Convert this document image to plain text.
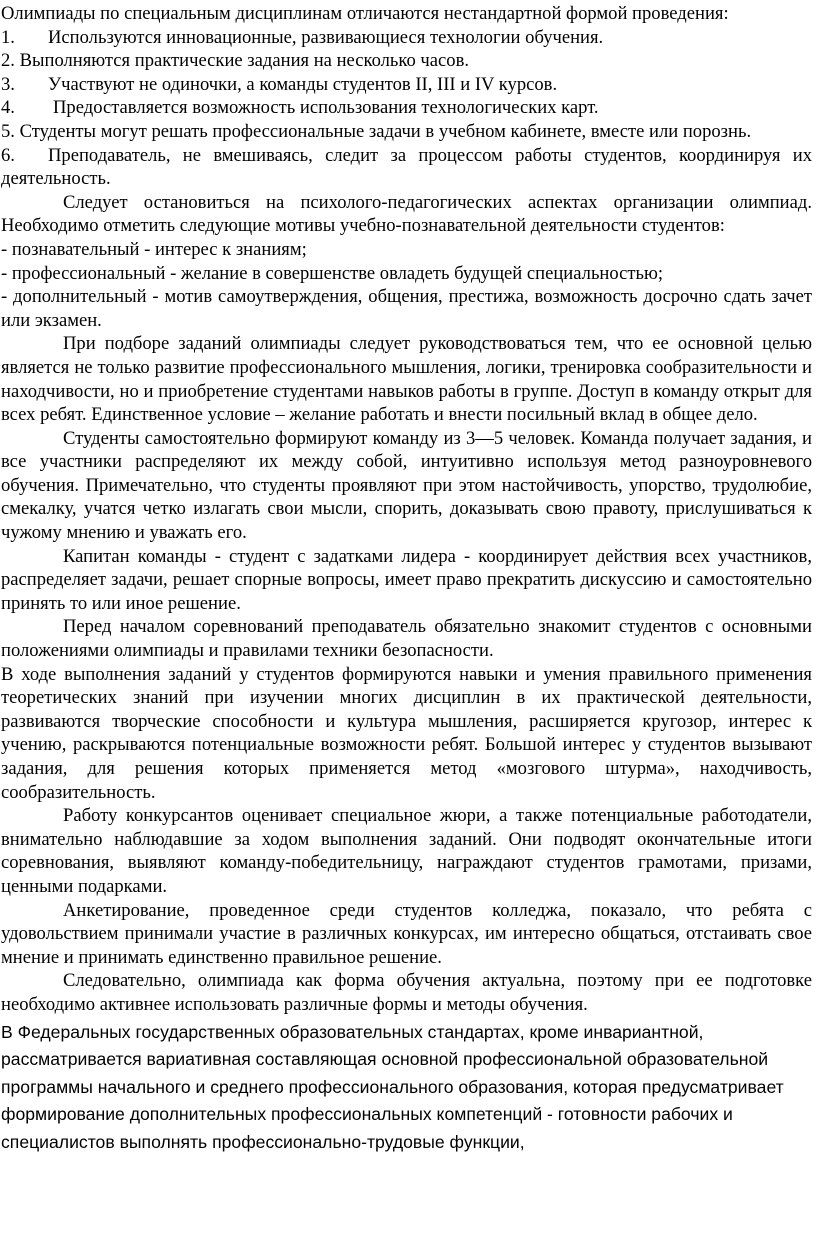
Олимпиады по специальным дисциплинам отличаются нестандартной формой проведения:

1. Используются инновационные, развивающиеся технологии обучения.

2. Выполняются практические задания на несколько часов.

3. Участвуют не одиночки, а команды студентов II, III и IV курсов.

4. Предоставляется возможность использования технологических карт.

5. Студенты могут решать профессиональные задачи в учебном кабинете, вместе или порознь.

6. Преподаватель, не вмешиваясь, следит за процессом работы студентов, координируя их деятельность.

Следует остановиться на психолого-педагогических аспектах организации олимпиад. Необходимо отметить следующие мотивы учебно-познавательной деятельности студентов:

- познавательный - интерес к знаниям;

- профессиональный - желание в совершенстве овладеть будущей специальностью;

- дополнительный - мотив самоутверждения, общения, престижа, возможность досрочно сдать зачет или экзамен.

При подборе заданий олимпиады следует руководствоваться тем, что ее основной целью является не только развитие профессионального мышления, логики, тренировка сообразительности и находчивости, но и приобретение студентами навыков работы в группе. Доступ в команду открыт для всех ребят. Единственное условие – желание работать и внести посильный вклад в общее дело.

Студенты самостоятельно формируют команду из 3—5 человек. Команда получает задания, и все участники распределяют их между собой, интуитивно используя метод разноуровневого обучения. Примечательно, что студенты проявляют при этом настойчивость, упорство, трудолюбие, смекалку, учатся четко излагать свои мысли, спорить, доказывать свою правоту, прислушиваться к чужому мнению и уважать его.

Капитан команды - студент с задатками лидера - координирует действия всех участников, распределяет задачи, решает спорные вопросы, имеет право прекратить дискуссию и самостоятельно принять то или иное решение.

Перед началом соревнований преподаватель обязательно знакомит студентов с основными положениями олимпиады и правилами техники безопасности.

В ходе выполнения заданий у студентов формируются навыки и умения правильного применения теоретических знаний при изучении многих дисциплин в их практической деятельности, развиваются творческие способности и культура мышления, расширяется кругозор, интерес к учению, раскрываются потенциальные возможности ребят. Большой интерес у студентов вызывают задания, для решения которых применяется метод «мозгового штурма», находчивость, сообразительность.

Работу конкурсантов оценивает специальное жюри, а также потенциальные работодатели, внимательно наблюдавшие за ходом выполнения заданий. Они подводят окончательные итоги соревнования, выявляют команду-победительницу, награждают студентов грамотами, призами, ценными подарками.

Анкетирование, проведенное среди студентов колледжа, показало, что ребята с удовольствием принимали участие в различных конкурсах, им интересно общаться, отстаивать свое мнение и принимать единственно правильное решение.

Следовательно, олимпиада как форма обучения актуальна, поэтому при ее подготовке необходимо активнее использовать различные формы и методы обучения.

В Федеральных государственных образовательных стандартах, кроме инвариантной, рассматривается вариативная составляющая основной профессиональной образовательной программы начального и среднего профессионального образования, которая предусматривает формирование дополнительных профессиональных компетенций - готовности рабочих и специалистов выполнять профессионально-трудовые функции,
